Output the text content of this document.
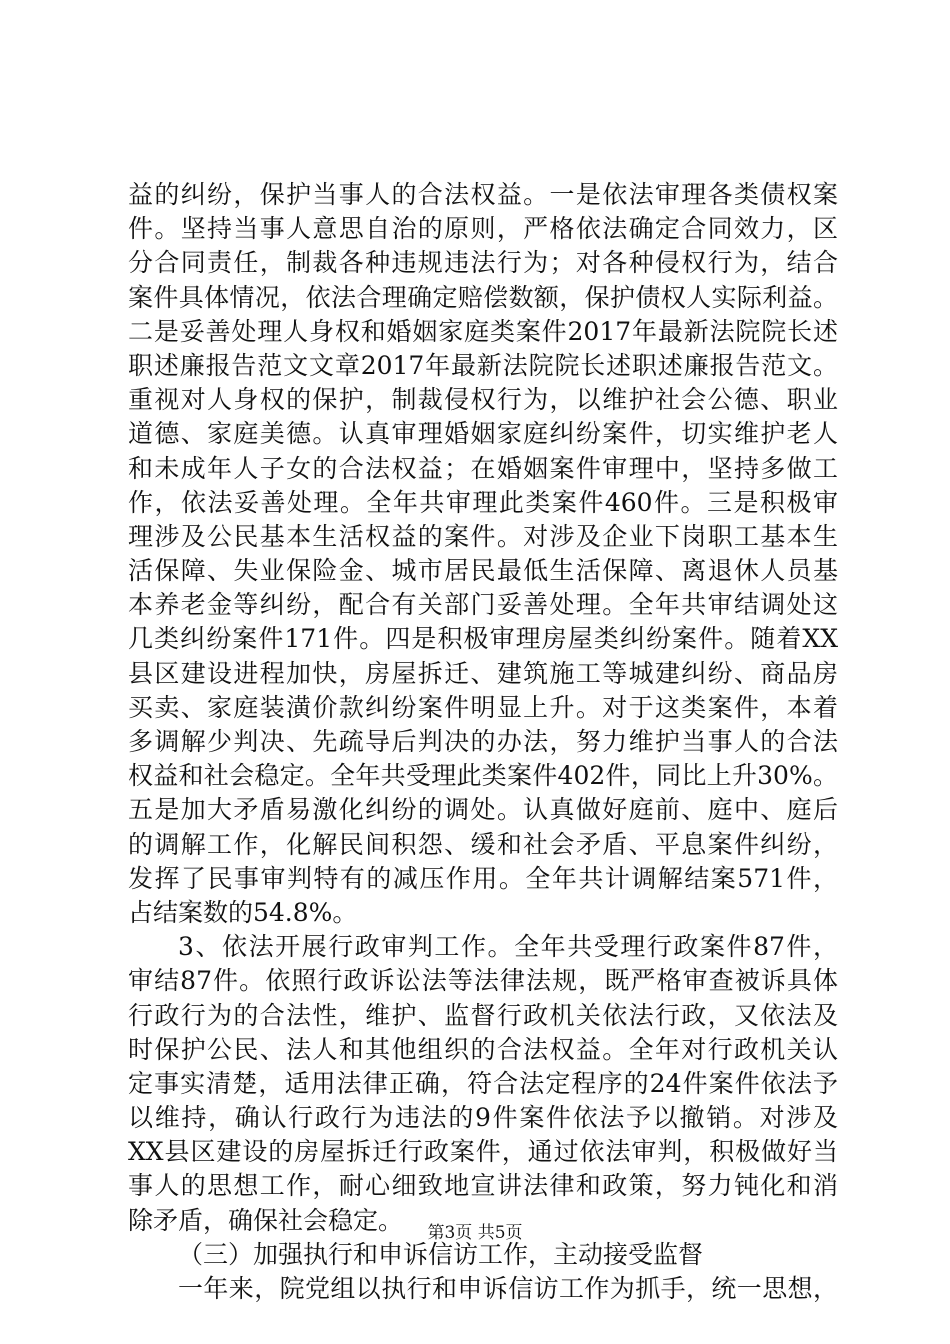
益的纠纷，保护当事人的合法权益。一是依法审理各类债权案
件。坚持当事人意思自治的原则，严格依法确定合同效力，区
分合同责任，制裁各种违规违法行为；对各种侵权行为，结合
案件具体情况，依法合理确定赔偿数额，保护债权人实际利益。
二是妥善处理人身权和婚姻家庭类案件2017年最新法院院长述
职述廉报告范文文章2017年最新法院院长述职述廉报告范文。
重视对人身权的保护，制裁侵权行为，以维护社会公德、职业
道德、家庭美德。认真审理婚姻家庭纠纷案件，切实维护老人
和未成年人子女的合法权益；在婚姻案件审理中，坚持多做工
作，依法妥善处理。全年共审理此类案件460件。三是积极审
理涉及公民基本生活权益的案件。对涉及企业下岗职工基本生
活保障、失业保险金、城市居民最低生活保障、离退休人员基
本养老金等纠纷，配合有关部门妥善处理。全年共审结调处这
几类纠纷案件171件。四是积极审理房屋类纠纷案件。随着XX
县区建设进程加快，房屋拆迁、建筑施工等城建纠纷、商品房
买卖、家庭装潢价款纠纷案件明显上升。对于这类案件，本着
多调解少判决、先疏导后判决的办法，努力维护当事人的合法
权益和社会稳定。全年共受理此类案件402件，同比上升30%。
五是加大矛盾易激化纠纷的调处。认真做好庭前、庭中、庭后
的调解工作，化解民间积怨、缓和社会矛盾、平息案件纠纷，
发挥了民事审判特有的减压作用。全年共计调解结案571件，
占结案数的54.8%。
3、依法开展行政审判工作。全年共受理行政案件87件，
审结87件。依照行政诉讼法等法律法规，既严格审查被诉具体
行政行为的合法性，维护、监督行政机关依法行政，又依法及
时保护公民、法人和其他组织的合法权益。全年对行政机关认
定事实清楚，适用法律正确，符合法定程序的24件案件依法予
以维持，确认行政行为违法的9件案件依法予以撤销。对涉及
XX县区建设的房屋拆迁行政案件，通过依法审判，积极做好当
事人的思想工作，耐心细致地宣讲法律和政策，努力钝化和消
除矛盾，确保社会稳定。
（三）加强执行和申诉信访工作，主动接受监督
一年来，院党组以执行和申诉信访工作为抓手，统一思想，
第3页 共5页
